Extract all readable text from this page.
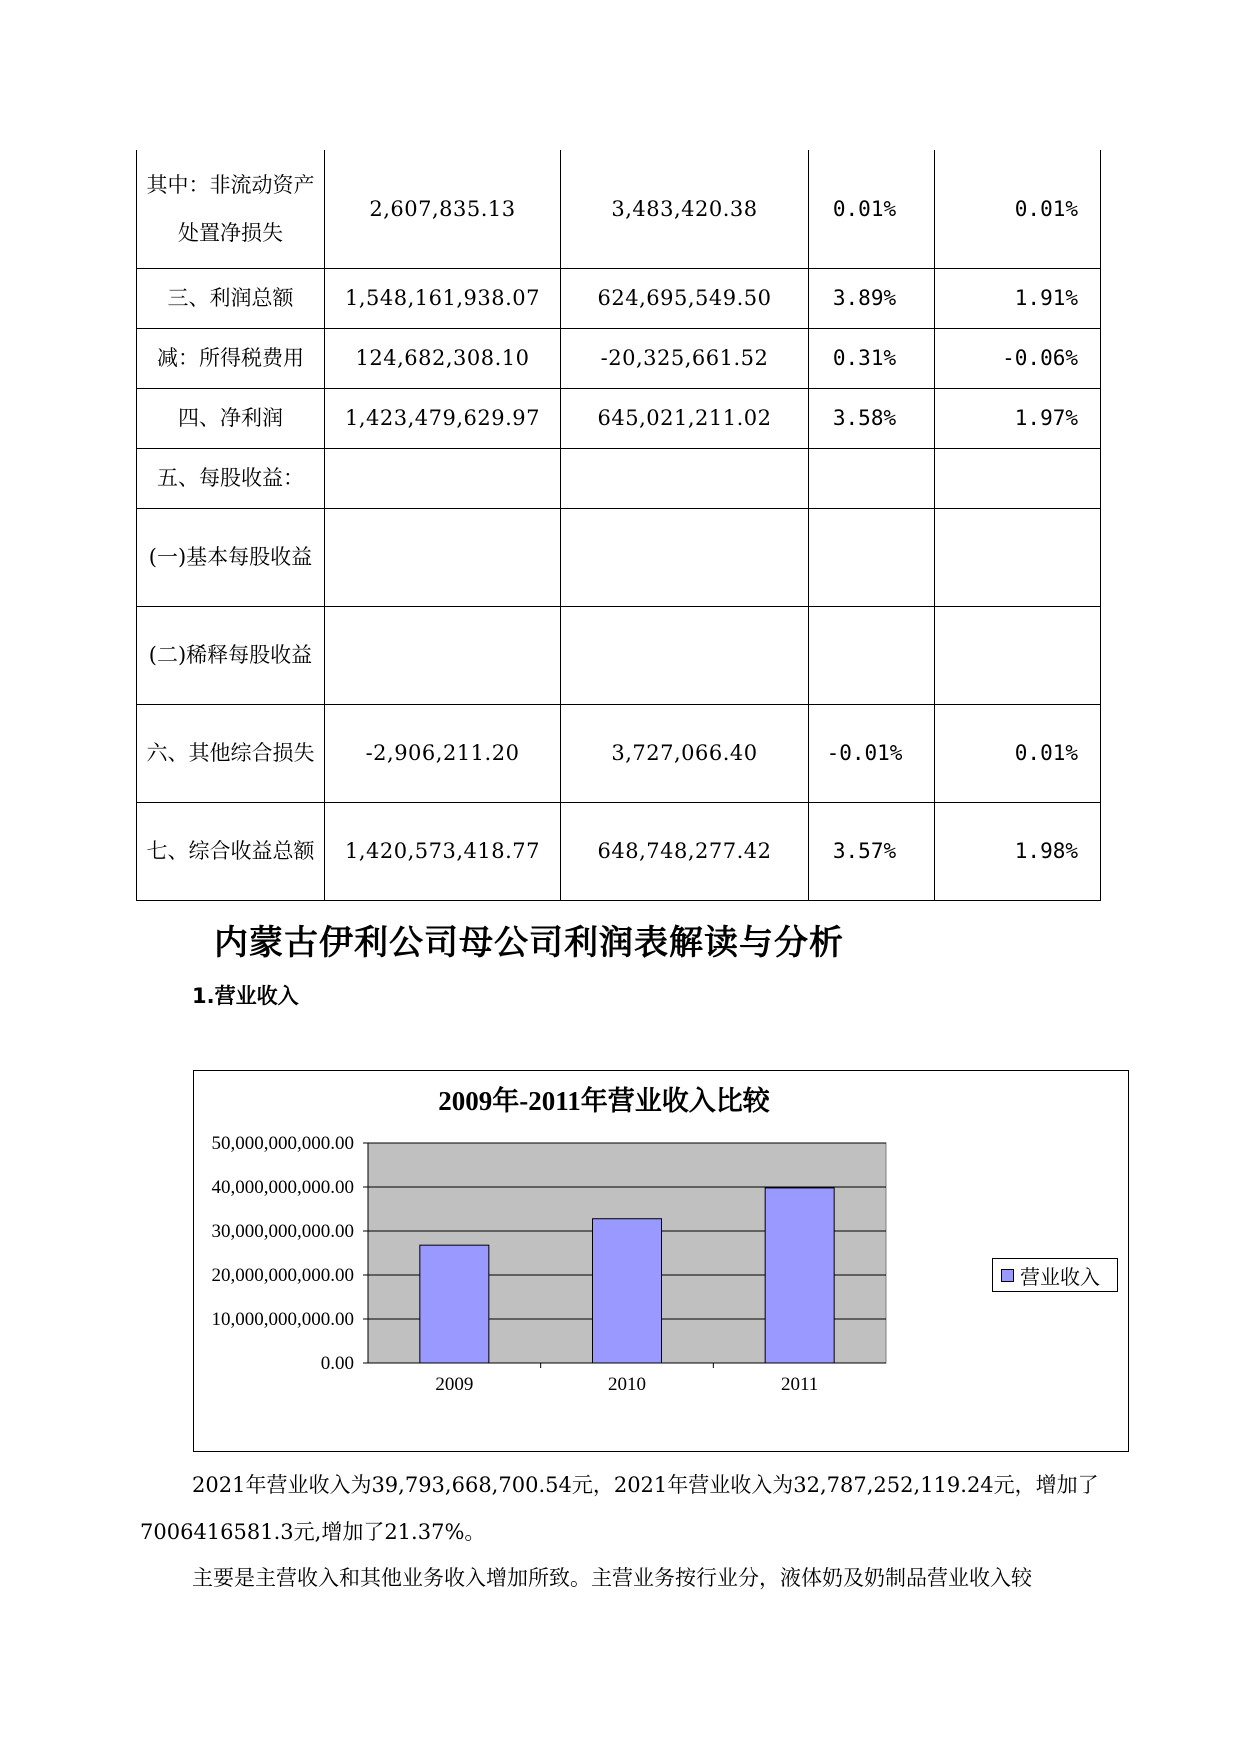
其中：非流动资产处置净损失	2,607,835.13	3,483,420.38	0.01%	0.01%
三、利润总额	1,548,161,938.07	624,695,549.50	3.89%	1.91%
减：所得税费用	124,682,308.10	-20,325,661.52	0.31%	-0.06%
四、净利润	1,423,479,629.97	645,021,211.02	3.58%	1.97%
五、每股收益：				
(一)基本每股收益				
(二)稀释每股收益				
六、其他综合损失	-2,906,211.20	3,727,066.40	-0.01%	0.01%
七、综合收益总额	1,420,573,418.77	648,748,277.42	3.57%	1.98%
内蒙古伊利公司母公司利润表解读与分析
1.营业收入
2009年-2011年营业收入比较
0.00
10,000,000,000.00
20,000,000,000.00
30,000,000,000.00
40,000,000,000.00
50,000,000,000.00
2009	2010	2011
营业收入

2021年营业收入为39,793,668,700.54元，2021年营业收入为32,787,252,119.24元，增加了7006416581.3元,增加了21.37%。

主要是主营收入和其他业务收入增加所致。主营业务按行业分，液体奶及奶制品营业收入较
